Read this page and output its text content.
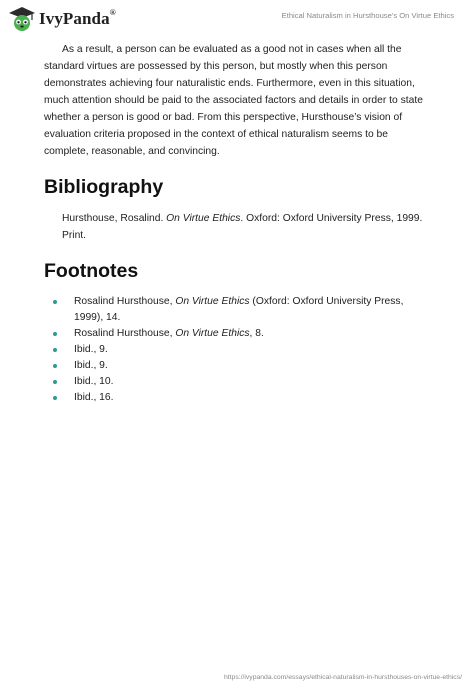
IvyPanda®	Ethical Naturalism in Hursthouse’s On Virtue Ethics

As a result, a person can be evaluated as a good not in cases when all the standard virtues are possessed by this person, but mostly when this person demonstrates achieving four naturalistic ends. Furthermore, even in this situation, much attention should be paid to the associated factors and details in order to state whether a person is good or bad. From this perspective, Hursthouse’s vision of evaluation criteria proposed in the context of ethical naturalism seems to be complete, reasonable, and convincing.

Bibliography

Hursthouse, Rosalind. On Virtue Ethics. Oxford: Oxford University Press, 1999. Print.

Footnotes
Rosalind Hursthouse, On Virtue Ethics (Oxford: Oxford University Press, 1999), 14.
Rosalind Hursthouse, On Virtue Ethics, 8.
Ibid., 9.
Ibid., 9.
Ibid., 10.
Ibid., 16.
https://ivypanda.com/essays/ethical-naturalism-in-hursthouses-on-virtue-ethics/
